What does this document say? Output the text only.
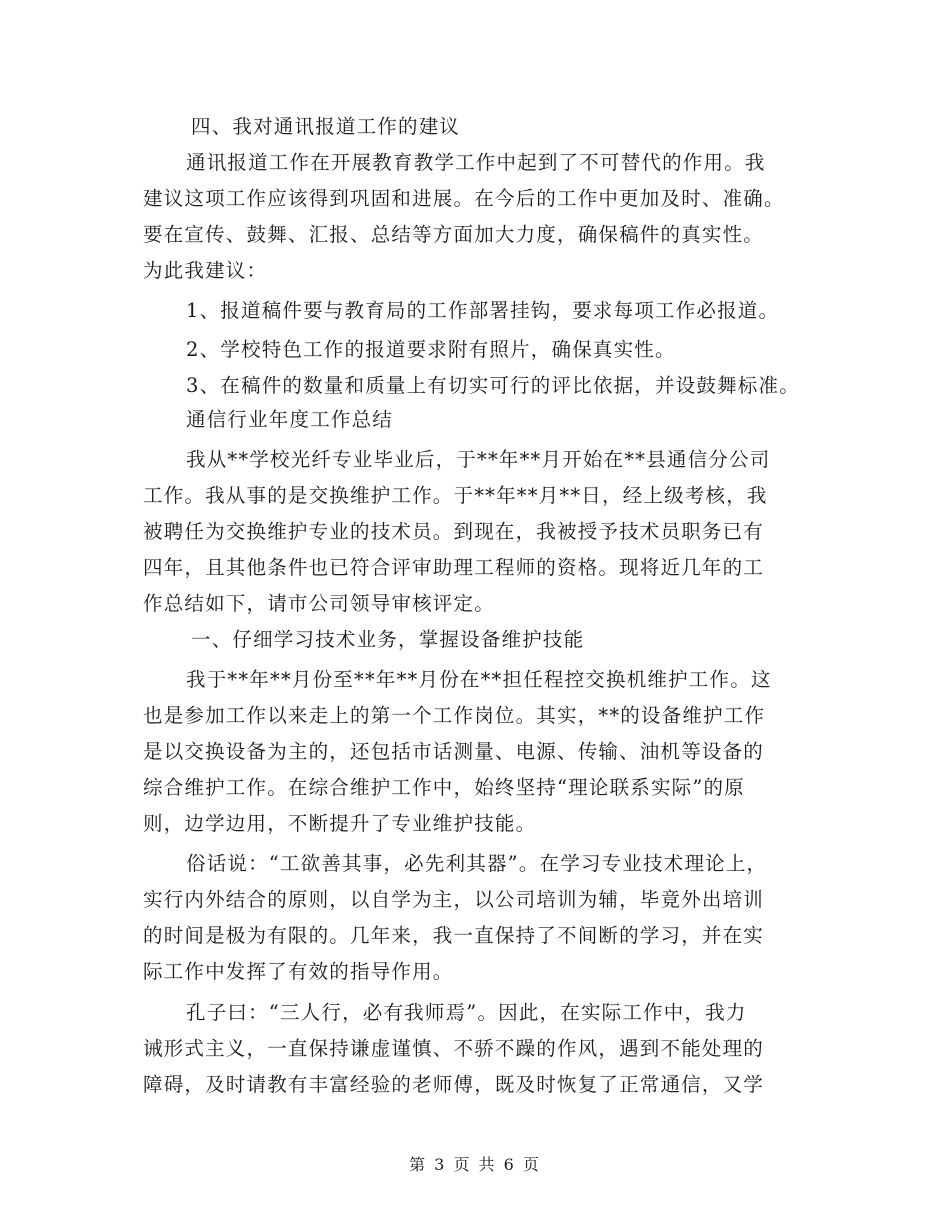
四、我对通讯报道工作的建议
通讯报道工作在开展教育教学工作中起到了不可替代的作用。我
建议这项工作应该得到巩固和进展。在今后的工作中更加及时、准确。
要在宣传、鼓舞、汇报、总结等方面加大力度，确保稿件的真实性。
为此我建议：
1、报道稿件要与教育局的工作部署挂钩，要求每项工作必报道。
2、学校特色工作的报道要求附有照片，确保真实性。
3、在稿件的数量和质量上有切实可行的评比依据，并设鼓舞标准。
通信行业年度工作总结
我从**学校光纤专业毕业后，于**年**月开始在**县通信分公司
工作。我从事的是交换维护工作。于**年**月**日，经上级考核，我
被聘任为交换维护专业的技术员。到现在，我被授予技术员职务已有
四年，且其他条件也已符合评审助理工程师的资格。现将近几年的工
作总结如下，请市公司领导审核评定。
一、仔细学习技术业务，掌握设备维护技能
我于**年**月份至**年**月份在**担任程控交换机维护工作。这
也是参加工作以来走上的第一个工作岗位。其实，**的设备维护工作
是以交换设备为主的，还包括市话测量、电源、传输、油机等设备的
综合维护工作。在综合维护工作中，始终坚持“理论联系实际”的原
则，边学边用，不断提升了专业维护技能。
俗话说：“工欲善其事，必先利其器”。在学习专业技术理论上，
实行内外结合的原则，以自学为主，以公司培训为辅，毕竟外出培训
的时间是极为有限的。几年来，我一直保持了不间断的学习，并在实
际工作中发挥了有效的指导作用。
孔子曰：“三人行，必有我师焉”。因此，在实际工作中，我力
诫形式主义，一直保持谦虚谨慎、不骄不躁的作风，遇到不能处理的
障碍，及时请教有丰富经验的老师傅，既及时恢复了正常通信，又学
第 3 页 共 6 页
